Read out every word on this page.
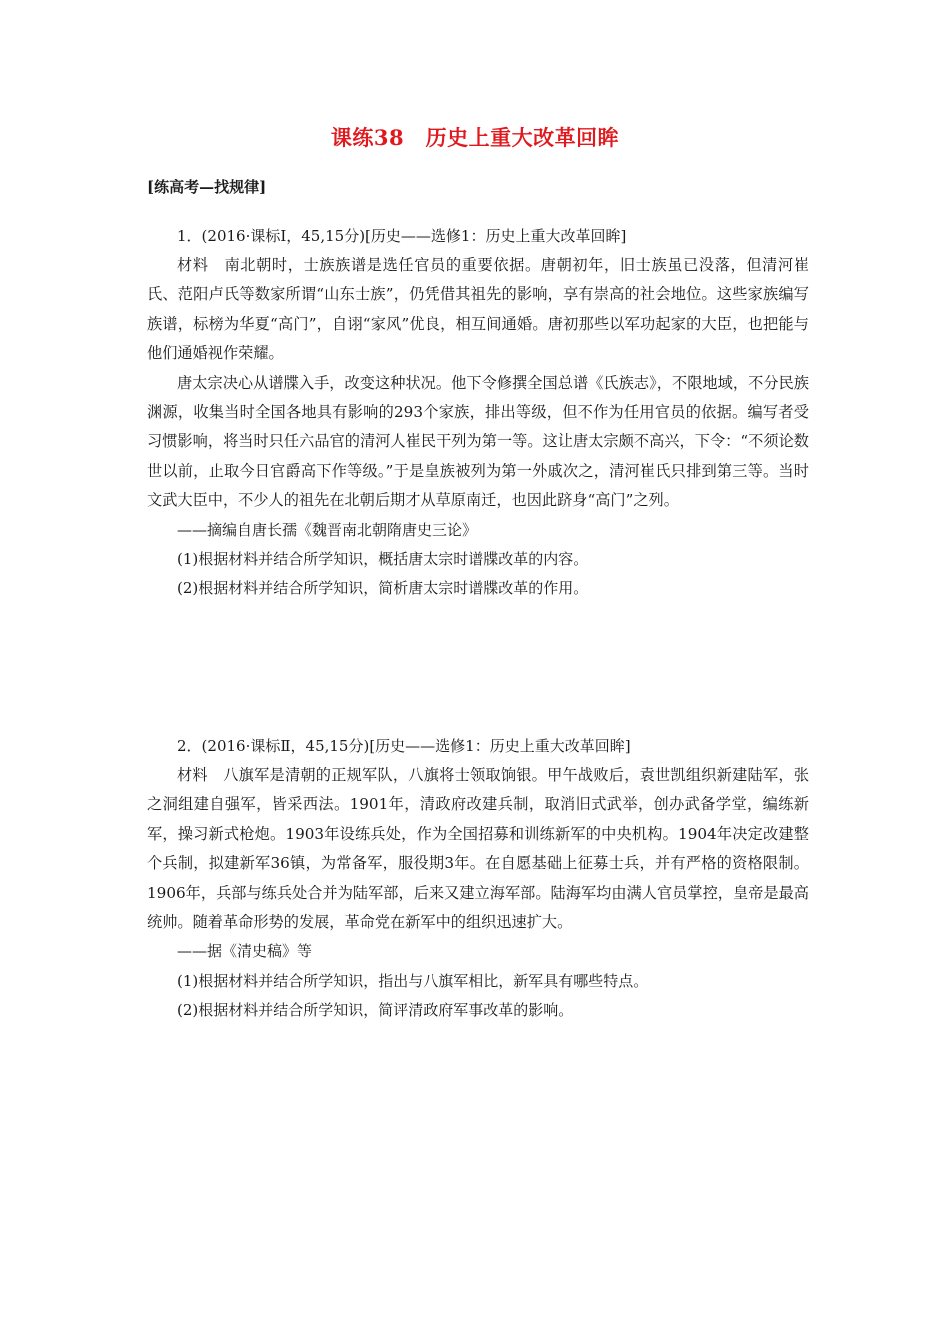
课练38　历史上重大改革回眸
[练高考—找规律]
1．(2016·课标Ⅰ，45,15分)[历史——选修1：历史上重大改革回眸]

材料　南北朝时，士族族谱是选任官员的重要依据。唐朝初年，旧士族虽已没落，但清河崔氏、范阳卢氏等数家所谓“山东士族”，仍凭借其祖先的影响，享有崇高的社会地位。这些家族编写族谱，标榜为华夏“高门”，自诩“家风”优良，相互间通婚。唐初那些以军功起家的大臣，也把能与他们通婚视作荣耀。

唐太宗决心从谱牒入手，改变这种状况。他下令修撰全国总谱《氏族志》，不限地域，不分民族渊源，收集当时全国各地具有影响的293个家族，排出等级，但不作为任用官员的依据。编写者受习惯影响，将当时只任六品官的清河人崔民干列为第一等。这让唐太宗颇不高兴，下令：“不须论数世以前，止取今日官爵高下作等级。”于是皇族被列为第一外戚次之，清河崔氏只排到第三等。当时文武大臣中，不少人的祖先在北朝后期才从草原南迁，也因此跻身“高门”之列。

——摘编自唐长孺《魏晋南北朝隋唐史三论》
(1)根据材料并结合所学知识，概括唐太宗时谱牒改革的内容。
(2)根据材料并结合所学知识，简析唐太宗时谱牒改革的作用。
2．(2016·课标Ⅱ，45,15分)[历史——选修1：历史上重大改革回眸]

材料　八旗军是清朝的正规军队，八旗将士领取饷银。甲午战败后，袁世凯组织新建陆军，张之洞组建自强军，皆采西法。1901年，清政府改建兵制，取消旧式武举，创办武备学堂，编练新军，操习新式枪炮。1903年设练兵处，作为全国招募和训练新军的中央机构。1904年决定改建整个兵制，拟建新军36镇，为常备军，服役期3年。在自愿基础上征募士兵，并有严格的资格限制。1906年，兵部与练兵处合并为陆军部，后来又建立海军部。陆海军均由满人官员掌控，皇帝是最高统帅。随着革命形势的发展，革命党在新军中的组织迅速扩大。

——据《清史稿》等
(1)根据材料并结合所学知识，指出与八旗军相比，新军具有哪些特点。
(2)根据材料并结合所学知识，简评清政府军事改革的影响。
